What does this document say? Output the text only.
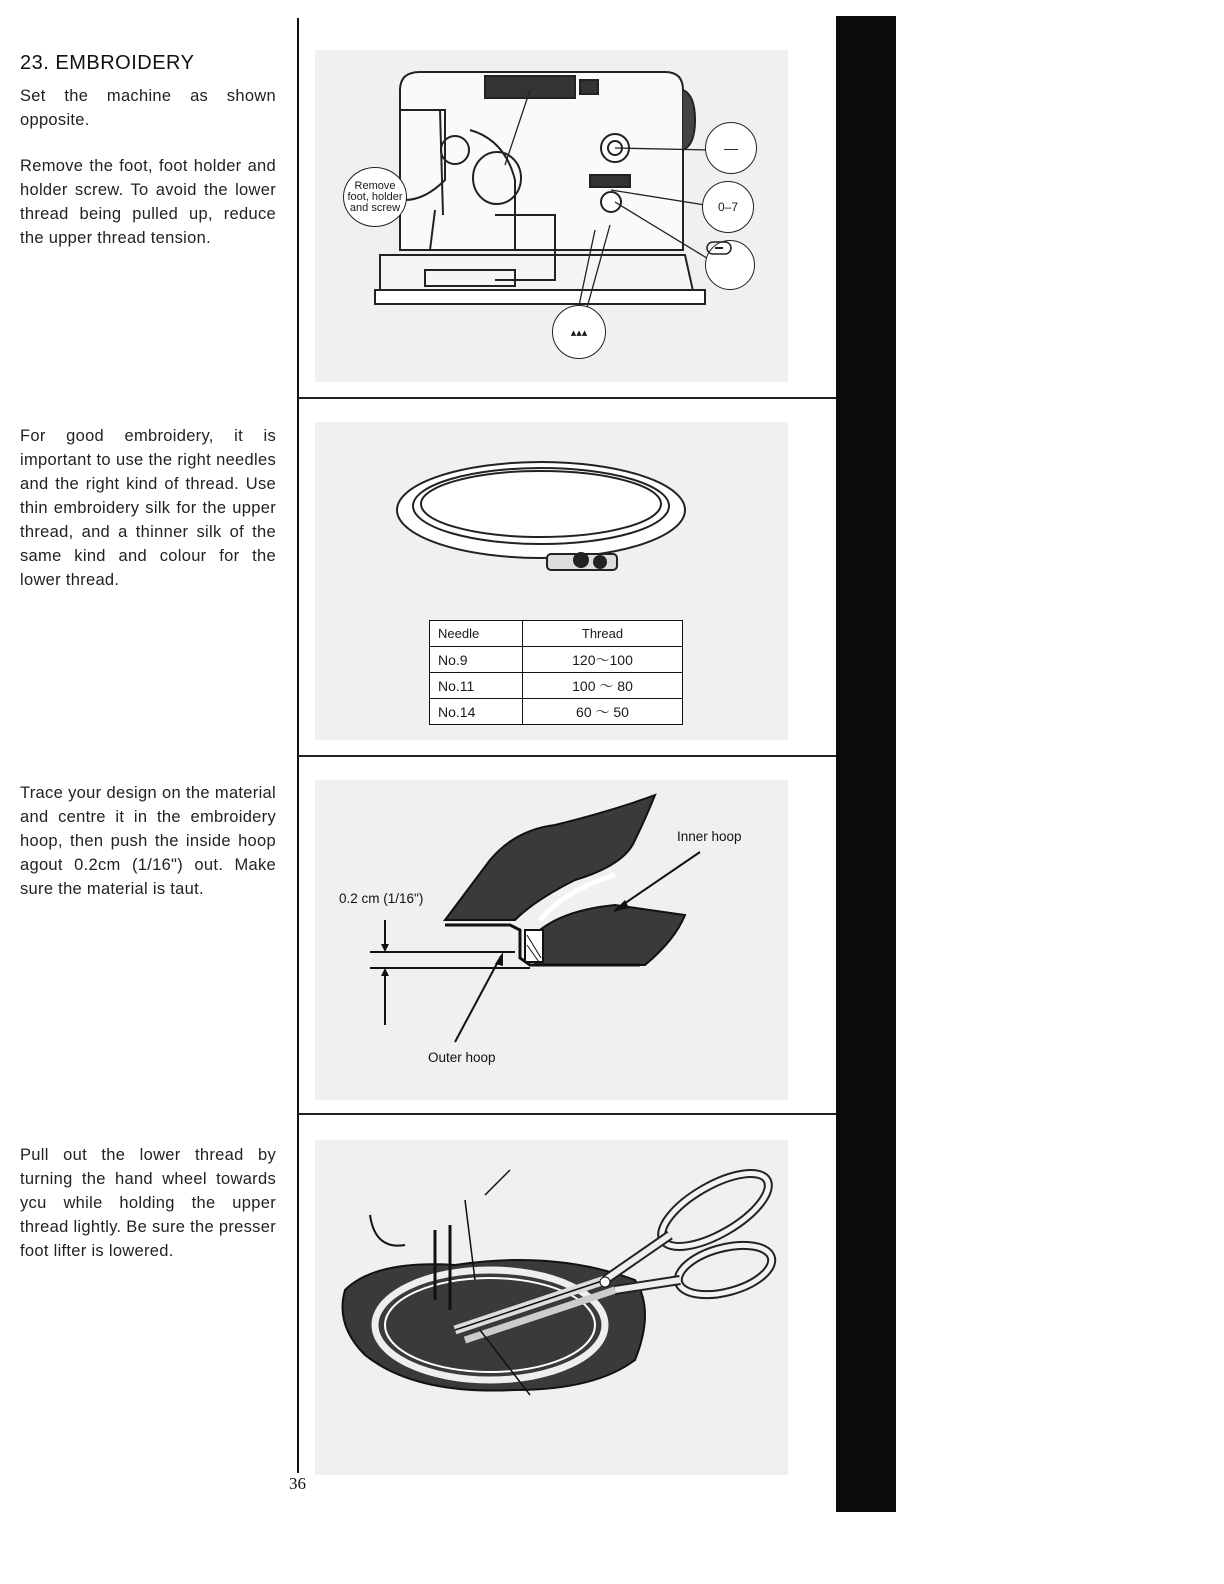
23. EMBROIDERY

Set the machine as shown opposite.

Remove the foot, foot holder and holder screw. To avoid the lower thread being pulled up, reduce the upper thread tension.

For good embroidery, it is important to use the right needles and the right kind of thread. Use thin embroidery silk for the upper thread, and a thinner silk of the same kind and colour for the lower thread.

Trace your design on the material and centre it in the embroidery hoop, then push the inside hoop agout 0.2cm (1/16") out. Make sure the material is taut.

Pull out the lower thread by turning the hand wheel towards ycu while holding the upper thread lightly. Be sure the presser foot lifter is lowered.

Remove foot, holder and screw
—
0–7
▴▴▴
Needle	Thread
No.9	120～100
No.11	100 ～ 80
No.14	60 ～ 50
Inner hoop
Outer hoop
0.2 cm (1/16")
36
